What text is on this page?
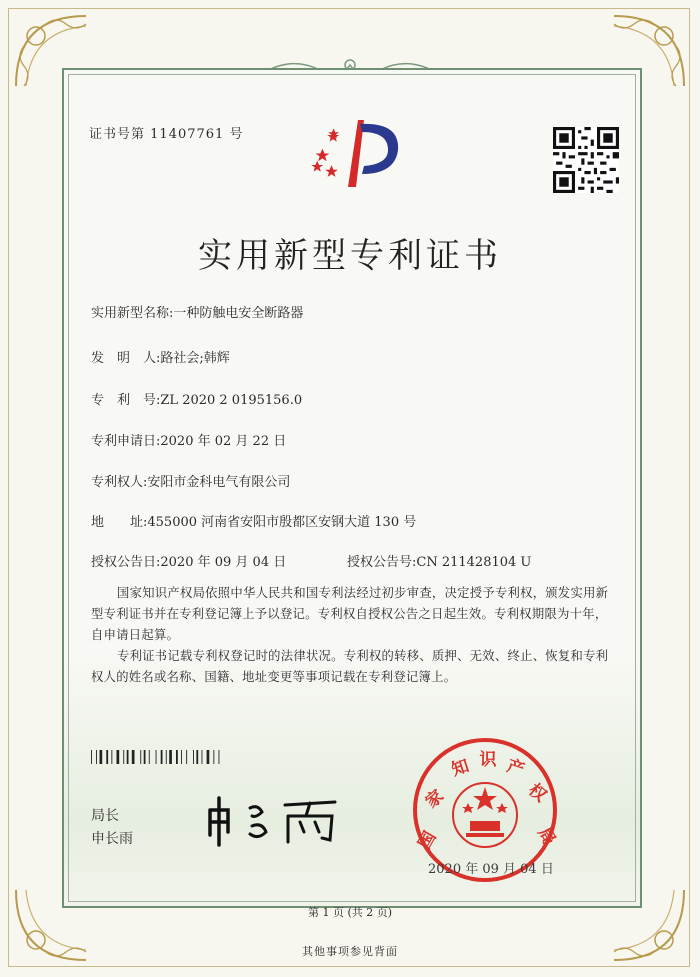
证书号第 11407761 号
实用新型专利证书
实用新型名称:一种防触电安全断路器
发　明　人:路社会;韩辉
专　利　号:ZL 2020 2 0195156.0
专利申请日:2020 年 02 月 22 日
专利权人:安阳市金科电气有限公司
地　　址:455000 河南省安阳市殷都区安钢大道 130 号
授权公告日:2020 年 09 月 04 日	授权公告号:CN 211428104 U
国家知识产权局依照中华人民共和国专利法经过初步审查，决定授予专利权，颁发实用新型专利证书并在专利登记簿上予以登记。专利权自授权公告之日起生效。专利权期限为十年，自申请日起算。
专利证书记载专利权登记时的法律状况。专利权的转移、质押、无效、终止、恢复和专利权人的姓名或名称、国籍、地址变更等事项记载在专利登记簿上。
局长
申长雨	国
家
知 识 产
权
局
2020 年 09 月 04 日
第 1 页 (共 2 页)
其他事项参见背面
